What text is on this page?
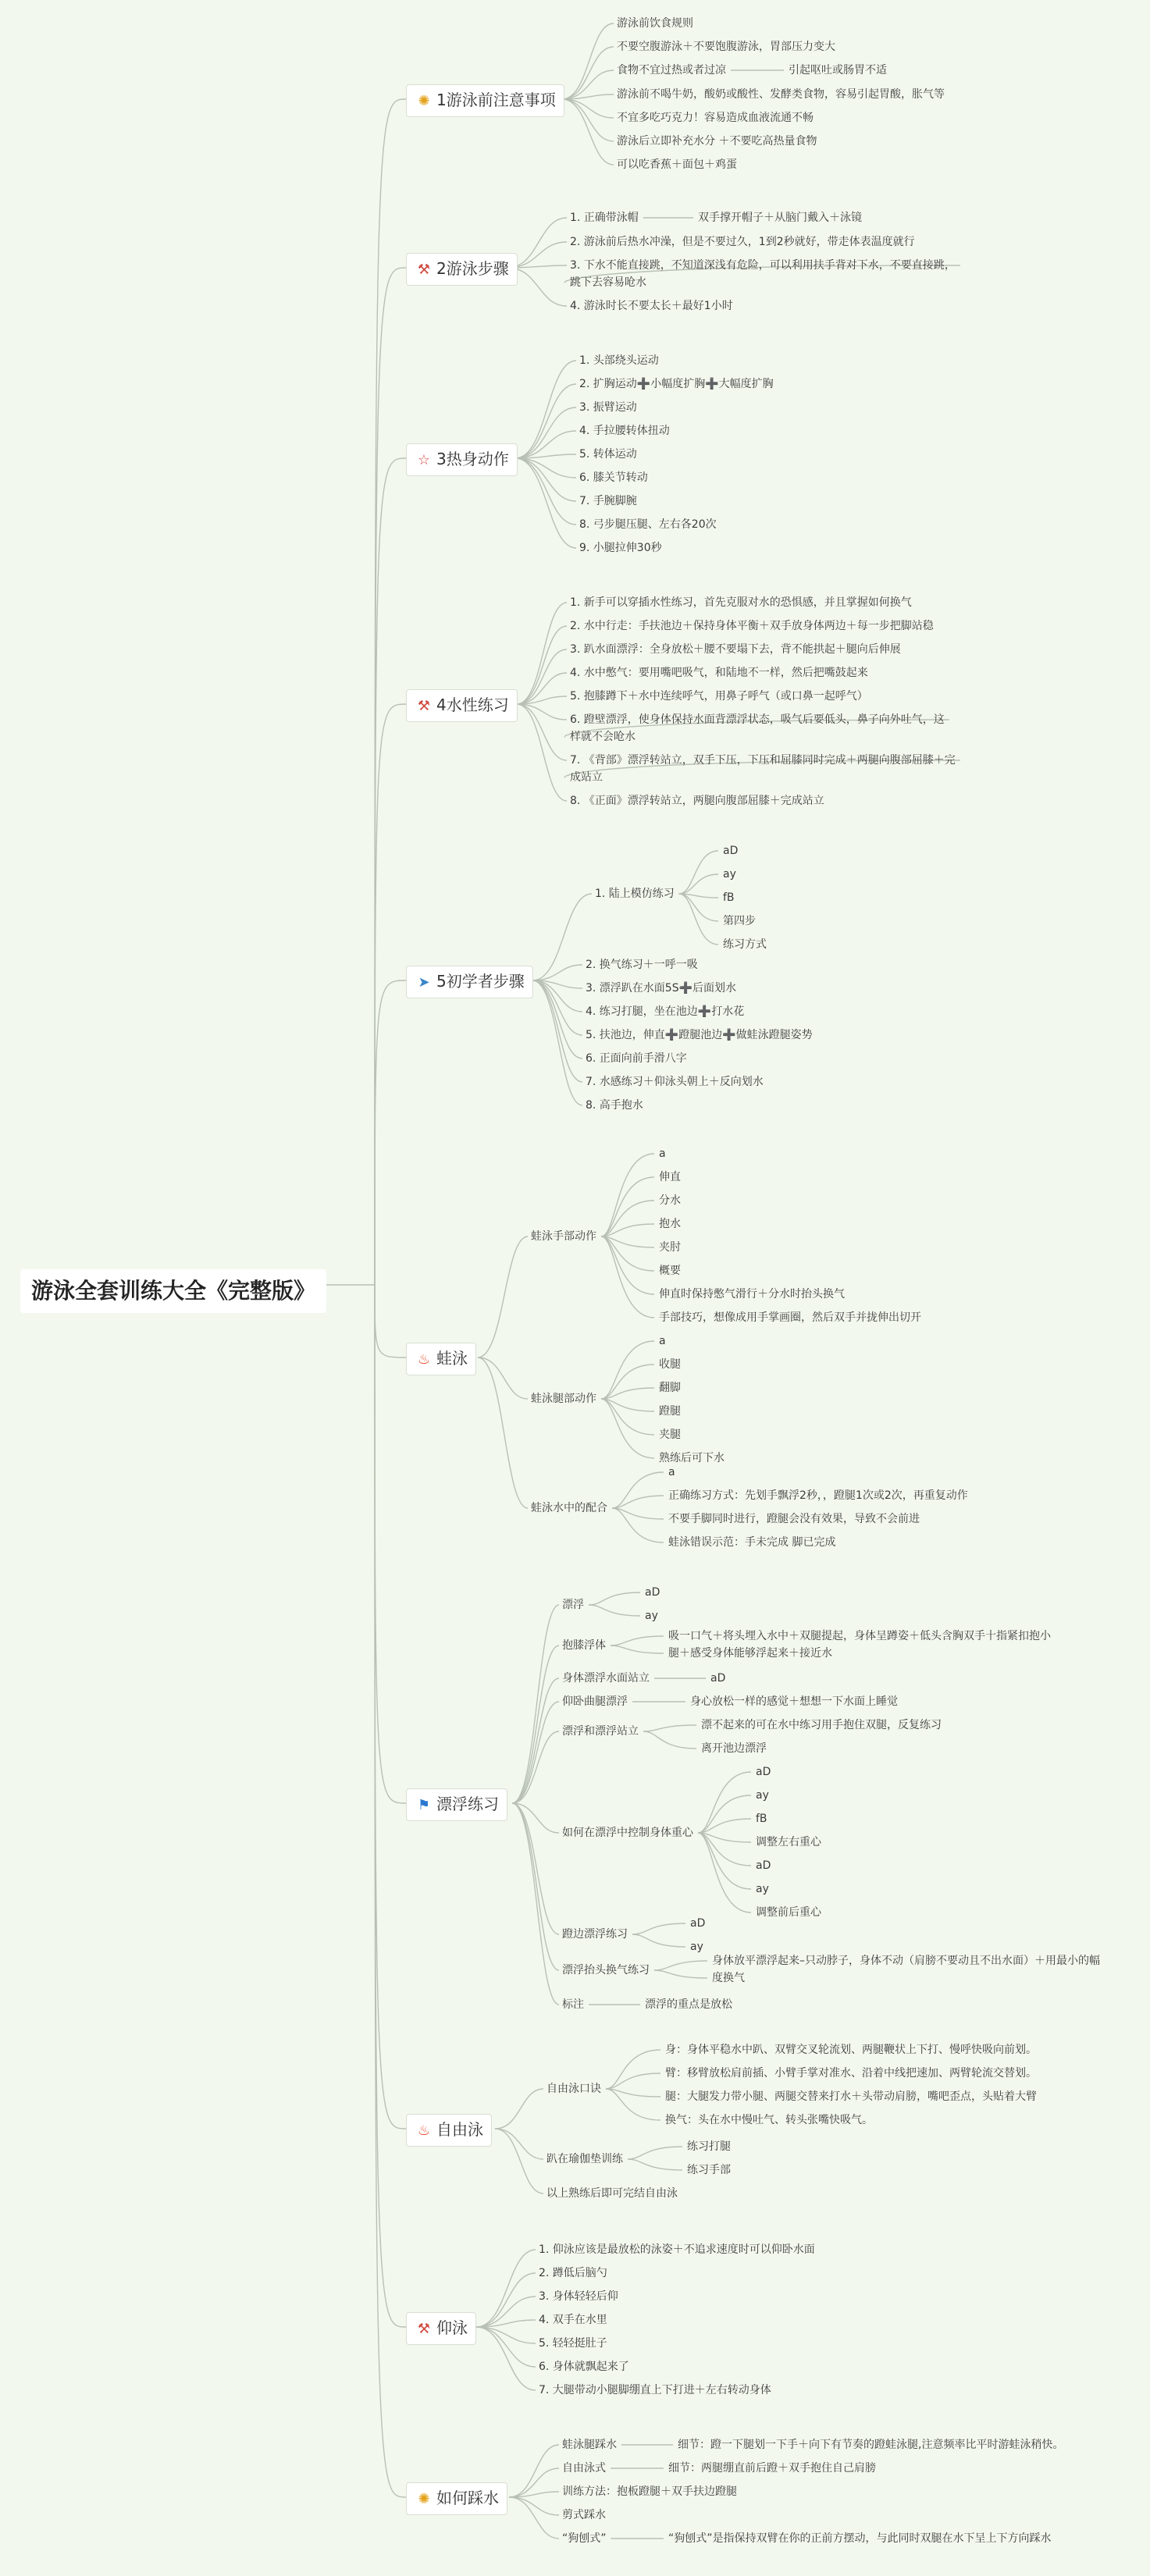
游泳全套训练大全《完整版》
✺ 1游泳前注意事项
游泳前饮食规则
不要空腹游泳＋不要饱腹游泳，胃部压力变大
食物不宜过热或者过凉	引起呕吐或肠胃不适
游泳前不喝牛奶，酸奶或酸性、发酵类食物，容易引起胃酸，胀气等
不宜多吃巧克力！容易造成血液流通不畅
游泳后立即补充水分 ＋不要吃高热量食物
可以吃香蕉＋面包＋鸡蛋
⚒ 2游泳步骤
1. 正确带泳帽	双手撑开帽子＋从脑门戴入＋泳镜
2. 游泳前后热水冲澡，但是不要过久，1到2秒就好，带走体表温度就行
3. 下水不能直接跳，不知道深浅有危险，可以利用扶手背对下水，不要直接跳，
跳下去容易呛水
4. 游泳时长不要太长＋最好1小时
☆ 3热身动作
1. 头部绕头运动
2. 扩胸运动➕小幅度扩胸➕大幅度扩胸
3. 振臂运动
4. 手拉腰转体扭动
5. 转体运动
6. 膝关节转动
7. 手腕脚腕
8. 弓步腿压腿、左右各20次
9. 小腿拉伸30秒
⚒ 4水性练习
1. 新手可以穿插水性练习，首先克服对水的恐惧感，并且掌握如何换气
2. 水中行走：手扶池边＋保持身体平衡＋双手放身体两边＋每一步把脚站稳
3. 趴水面漂浮：全身放松＋腰不要塌下去，背不能拱起＋腿向后伸展
4. 水中憋气：要用嘴吧吸气，和陆地不一样，然后把嘴鼓起来
5. 抱膝蹲下＋水中连续呼气，用鼻子呼气（或口鼻一起呼气）
6. 蹬壁漂浮，使身体保持水面背漂浮状态，吸气后要低头，鼻子向外吐气，这
样就不会呛水
7. 《背部》漂浮转站立，双手下压，下压和屈膝同时完成＋两腿向腹部屈膝＋完
成站立
8. 《正面》漂浮转站立，两腿向腹部屈膝＋完成站立
➤ 5初学者步骤
1. 陆上模仿练习
aD
ay
fB
第四步
练习方式
2. 换气练习＋一呼一吸
3. 漂浮趴在水面5S➕后面划水
4. 练习打腿，坐在池边➕打水花
5. 扶池边，伸直➕蹬腿池边➕做蛙泳蹬腿姿势
6. 正面向前手滑八字
7. 水感练习＋仰泳头朝上＋反向划水
8. 高手抱水
♨ 蛙泳
蛙泳手部动作
a
伸直
分水
抱水
夹肘
概要
伸直时保持憋气滑行＋分水时抬头换气
手部技巧，想像成用手掌画圈，然后双手并拢伸出切开
蛙泳腿部动作
a
收腿
翻脚
蹬腿
夹腿
熟练后可下水
蛙泳水中的配合
a
正确练习方式：先划手飘浮2秒，，蹬腿1次或2次，再重复动作
不要手脚同时进行，蹬腿会没有效果，导致不会前进
蛙泳错误示范：手未完成 脚已完成
⚑ 漂浮练习
漂浮
aD
ay
抱膝浮体
吸一口气＋将头埋入水中＋双腿提起，身体呈蹲姿＋低头含胸双手十指紧扣抱小
腿＋感受身体能够浮起来＋接近水
身体漂浮水面站立	aD
仰卧曲腿漂浮	身心放松一样的感觉＋想想一下水面上睡觉
漂浮和漂浮站立	漂不起来的可在水中练习用手抱住双腿，反复练习
离开池边漂浮
如何在漂浮中控制身体重心
aD
ay
fB
调整左右重心
aD
ay
调整前后重心
蹬边漂浮练习
aD
ay
漂浮抬头换气练习
身体放平漂浮起来–只动脖子，身体不动（肩膀不要动且不出水面）＋用最小的幅
度换气
标注	漂浮的重点是放松
♨ 自由泳
自由泳口诀
身：身体平稳水中趴、双臂交叉轮流划、两腿鞭状上下打、慢呼快吸向前划。
臂：移臂放松肩前插、小臂手掌对准水、沿着中线把速加、两臂轮流交替划。
腿：大腿发力带小腿、两腿交替来打水＋头带动肩膀，嘴吧歪点，头贴着大臂
换气：头在水中慢吐气、转头张嘴快吸气。
趴在瑜伽垫训练
练习打腿
练习手部
以上熟练后即可完结自由泳
⚒ 仰泳
1. 仰泳应该是最放松的泳姿＋不追求速度时可以仰卧水面
2. 蹲低后脑勺
3. 身体轻轻后仰
4. 双手在水里
5. 轻轻挺肚子
6. 身体就飘起来了
7. 大腿带动小腿脚绷直上下打进＋左右转动身体
✺ 如何踩水
蛙泳腿踩水	细节：蹬一下腿划一下手＋向下有节奏的蹬蛙泳腿,注意频率比平时游蛙泳稍快。
自由泳式	细节：两腿绷直前后蹬＋双手抱住自己肩膀
训练方法：抱板蹬腿＋双手扶边蹬腿
剪式踩水
“狗刨式”	“狗刨式”是指保持双臂在你的正前方摆动，与此同时双腿在水下呈上下方向踩水
